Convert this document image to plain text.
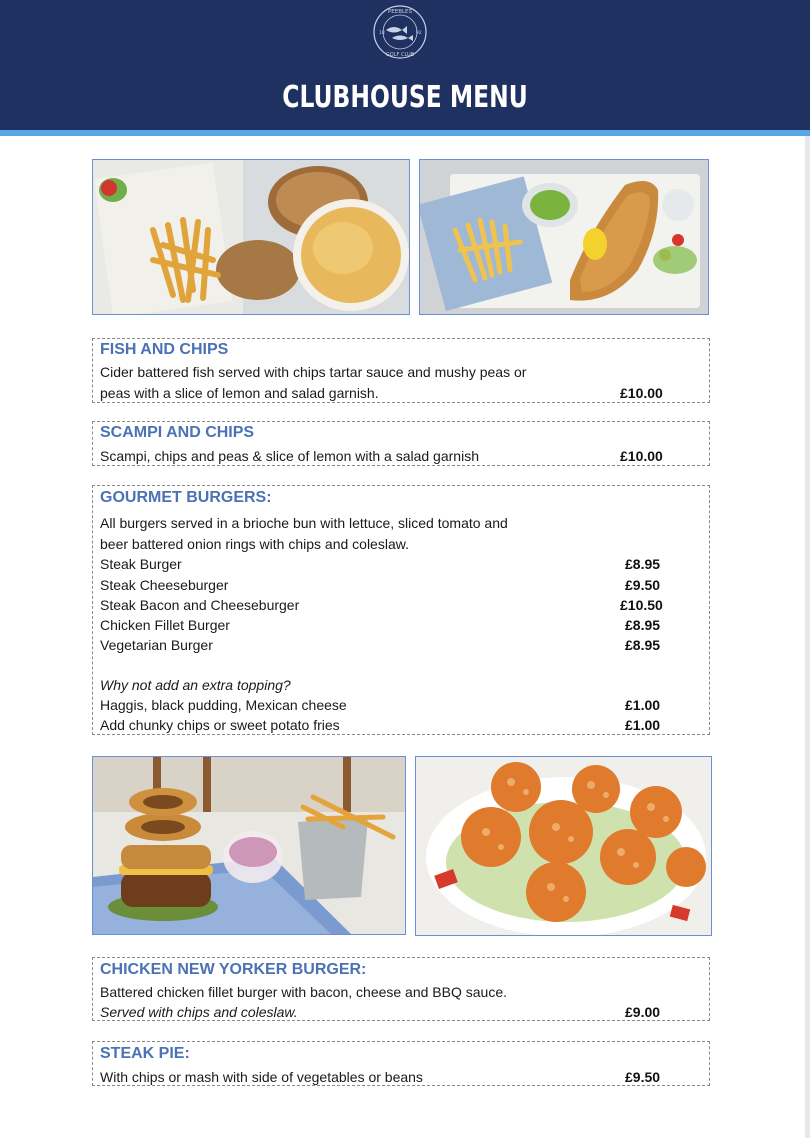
PEEBLES
GOLF CLUB
18	92
CLUBHOUSE MENU
FISH AND CHIPS
Cider battered fish served with chips tartar sauce and mushy peas or
peas with a slice of lemon and salad garnish.	£10.00
SCAMPI AND CHIPS
Scampi, chips and peas & slice of lemon with a salad garnish	£10.00
GOURMET BURGERS:
All burgers served in a brioche bun with lettuce, sliced tomato and
beer battered onion rings with chips and coleslaw.
Steak Burger	£8.95
Steak Cheeseburger	£9.50
Steak Bacon and Cheeseburger	£10.50
Chicken Fillet Burger	£8.95
Vegetarian Burger	£8.95
Why not add an extra topping?
Haggis, black pudding, Mexican cheese	£1.00
Add chunky chips or sweet potato fries	£1.00
CHICKEN NEW YORKER BURGER:
Battered chicken fillet burger with bacon, cheese and BBQ sauce.
Served with chips and coleslaw.	£9.00
STEAK PIE:
With chips or mash with side of vegetables or beans	£9.50
